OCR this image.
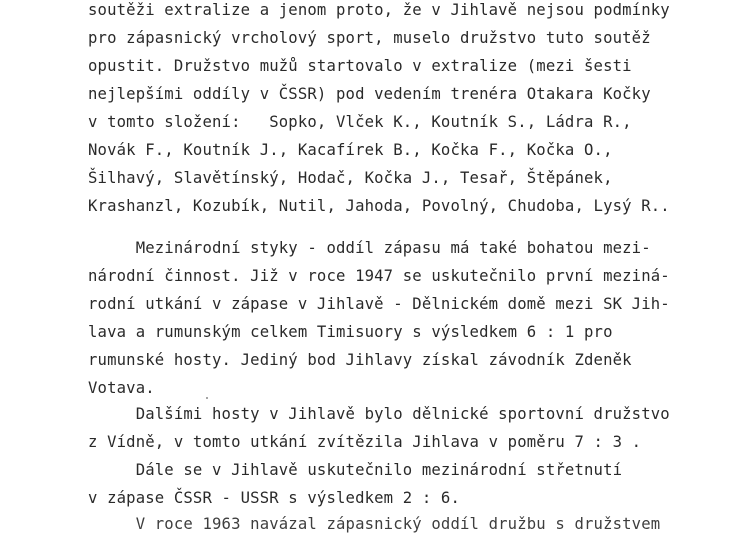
soutěži extralize a jenom proto, že v Jihlavě nejsou podmínky
pro zápasnický vrcholový sport, muselo družstvo tuto soutěž
opustit. Družstvo mužů startovalo v extralize (mezi šesti
nejlepšími oddíly v ČSSR) pod vedením trenéra Otakara Kočky
v tomto složení:   Sopko, Vlček K., Koutník S., Ládra R.,
Novák F., Koutník J., Kacafírek B., Kočka F., Kočka O.,
Šilhavý, Slavětínský, Hodač, Kočka J., Tesař, Štěpánek,
Krashanzl, Kozubík, Nutil, Jahoda, Povolný, Chudoba, Lysý R..
Mezinárodní styky - oddíl zápasu má také bohatou mezi-
národní činnost. Již v roce 1947 se uskutečnilo první meziná-
rodní utkání v zápase v Jihlavě - Dělnickém domě mezi SK Jih-
lava a rumunským celkem Timisuory s výsledkem 6 : 1 pro
rumunské hosty. Jediný bod Jihlavy získal závodník Zdeněk
Votava.
Dalšími hosty v Jihlavě bylo dělnické sportovní družstvo
z Vídně, v tomto utkání zvítězila Jihlava v poměru 7 : 3 .
Dále se v Jihlavě uskutečnilo mezinárodní střetnutí
v zápase ČSSR - USSR s výsledkem 2 : 6.
V roce 1963 navázal zápasnický oddíl družbu s družstvem
